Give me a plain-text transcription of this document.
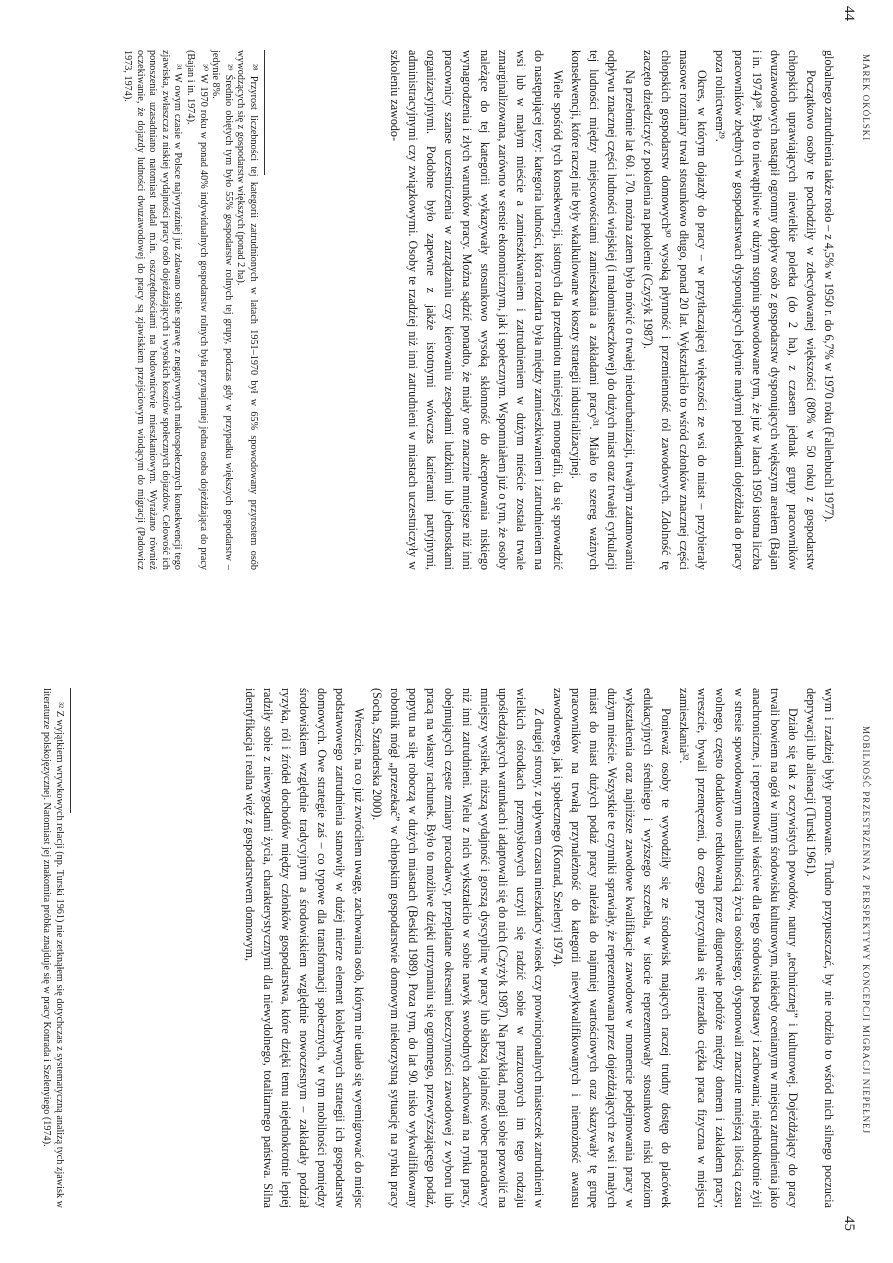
MAREK OKÓLSKI
44

globalnego zatrudnienia także rosło – z 4,5% w 1950 r. do 6,7% w 1970 roku (Fallenbuchl 1977).

Początkowo osoby te pochodziły w zdecydowanej większości (80% w 50 roku) z gospodarstw chłopskich uprawiających niewielkie poletka (do 2 ha), z czasem jednak grupy pracowników dwuzawodowych nastąpił ogromny dopływ osób z gospodarstw dysponujących większym areałem (Bajan i in. 1974)²⁸. Było to niewątpliwie w dużym stopniu spowodowane tym, że już w latach 1950 istotna liczba pracowników zbędnych w gospodarstwach dysponujących jedynie małymi poletkami dojeżdżała do pracy poza rolnictwem²⁹.

Okres, w którym dojazdy do pracy – w przytłaczającej większości ze wsi do miast – przybierały masowe rozmiary trwał stosunkowo długo, ponad 20 lat. Wykształciło to wśród członków znacznej części chłopskich gospodarstw domowych³⁰ wysoką płynność i przemienność ról zawodowych. Zdolność tę zaczęto dziedziczyć z pokolenia na pokolenie (Czyżyk 1987).

Na przełomie lat 60. i 70. można zatem było mówić o trwałej niedourbanizacji, trwałym zatamowaniu odpływu znacznej części ludności wiejskiej (i małomiasteczkowej) do dużych miast oraz trwałej cyrkulacji tej ludności między miejscowościami zamieszkania a zakładami pracy³¹. Miało to szereg ważnych konsekwencji, które raczej nie były wkalkulowane w koszty strategii industrializacyjnej.

Wiele spośród tych konsekwencji, istotnych dla przedmiotu niniejszej monografii, da się sprowadzić do następującej tezy: kategoria ludności, która rozdarta była między zamieszkiwaniem i zatrudnieniem na wsi lub w małym mieście a zamieszkiwaniem i zatrudnieniem w dużym mieście została trwale zmarginalizowana, zarówno w sensie ekonomicznym, jak i społecznym. Wspomniałem już o tym, że osoby należące do tej kategorii wykazywały stosunkowo wysoką skłonność do akceptowania niskiego wynagrodzenia i złych warunków pracy. Można sądzić ponadto, że miały one znacznie mniejsze niż inni pracownicy szanse uczestniczenia w zarządzaniu czy kierowaniu zespołami ludzkimi lub jednostkami organizacyjnymi. Podobne było zapewne z jakże istotnymi wówczas karierami partyjnymi, administracyjnymi czy związkowymi. Osoby te rzadziej niż inni zatrudnieni w miastach uczestniczyły w szkoleniu zawodo-

²⁸ Przyrost liczebności tej kategorii zatrudnionych w latach 1951–1970 był w 65% spowodowany przyrostem osób wywodzących się z gospodarstw większych (ponad 2 ha).

²⁹ Średnio obiętych tym było 55% gospodarstw rolnych tej grupy, podczas gdy w przypadku większych gospodarstw – jedynie 8%.

³⁰ W 1970 roku w ponad 40% indywidualnych gospodarstw rolnych była przynajmniej jedna osoba dojeżdżająca do pracy (Bajan i in. 1974).

³¹ W owym czasie w Polsce najwyraźniej już zdawano sobie sprawę z negatywnych makrospołecznych konsekwencji tego zjawiska, zwłaszcza z niskiej wydajności pracy osób dojeżdżających i wysokich kosztów społecznych dojazdów. Celowość ich ponoszenia uzasadniano natomiast nadal m.in. oszczędnościami na budownictwie mieszkaniowym. Wyrażano również oczekiwanie, że dojazdy ludności dwuzawodowej do pracy są zjawiskiem przejściowym wiodącym do migracji (Padowicz 1973, 1974).

MOBILNOŚĆ PRZESTRZENNA Z PERSPEKTYWY KONCEPCJI MIGRACJI NIEPEŁNEJ
45

wym i rzadziej były promowane. Trudno przypuszczać, by nie rodziło to wśród nich silnego poczucia deprywacji lub alienacji (Turski 1961).

Działo się tak z oczywistych powodów, natury „technicznej” i kulturowej. Dojeżdżający do pracy trwali bowiem na ogół w innym środowisku kulturowym, niekiedy ocenianym w miejscu zatrudnienia jako anachroniczne, i reprezentowali właściwe dla tego środowiska postawy i zachowania; niejednokrotnie żyli w stresie spowodowanym niestabilnością życia osobistego; dysponowali znacznie mniejszą ilością czasu wolnego, często dodatkowo redukowaną przez długotrwałe podróże między domem i zakładem pracy; wreszcie, bywali przemęczeni, do czego przyczyniała się nierzadko ciężka praca fizyczna w miejscu zamieszkania³².

Ponieważ osoby te wywodziły się ze środowisk mających raczej trudny dostęp do placówek edukacyjnych średniego i wyższego szczebla, w istocie reprezentowały stosunkowo niski poziom wykształcenia oraz najniższe zawodowe kwalifikacje zawodowe w momencie podejmowania pracy w dużym mieście. Wszystkie te czynniki sprawiały, że reprezentowana przez dojeżdżających ze wsi i małych miast do miast dużych podaż pracy należała do najmniej wartościowych oraz skazywały tę grupę pracowników na trwałą przynależność do kategorii niewykwalifikowanych i niemożność awansu zawodowego, jak i społecznego (Konrad, Szelenyi 1974).

Z drugiej strony, z upływem czasu mieszkańcy wiosek czy prowincjonalnych miasteczek zatrudnieni w wielkich ośrodkach przemysłowych uczyli się radzić sobie w narzuconych im tego rodzaju upośledzających warunkach i adaptowali się do nich (Czyżyk 1987). Na przykład, mogli sobie pozwolić na mniejszy wysiłek, niższą wydajność i gorszą dyscyplinę w pracy lub słabszą lojalność wobec pracodawcy niż inni zatrudnieni. Wielu z nich wykształciło w sobie nawyk swobodnych zachowań na rynku pracy, obejmujących częste zmiany pracodawcy, przeplatane okresami bezczynności zawodowej z wyboru lub pracą na własny rachunek. Było to możliwe dzięki utrzymaniu się ogromnego, przewyższającego podaż, popytu na siłę roboczą w dużych miastach (Beskid 1989). Poza tym, do lat 90. nisko wykwalifikowany robotnik mógł „przezekać” w chłopskim gospodarstwie domowym niekorzystną sytuację na rynku pracy (Socha, Sztanderska 2000).

Wreszcie, na co już zwróciłem uwagę, zachowania osób, którym nie udało się wyemigrować do miejsc podstawowego zatrudnienia stanowiły w dużej mierze element kolektywnych strategii ich gospodarstw domowych. Owe strategie zaś – co typowe dla transformacji społecznych, w tym mobilności pomiędzy środowiskiem względnie tradycyjnym a środowiskiem względnie nowoczesnym – zakładały podział ryzyka, ról i źródeł dochodów między członków gospodarstwa, które dzięki temu niejednokrotnie lepiej radziły sobie z niewygodami życia, charakterystycznymi dla niewydolnego, totalitarnego państwa. Silna identyfikacja i realna więź z gospodarstwem domowym,

³² Z wyjątkiem wrywkowych relacji (np. Turski 1961) nie zetknąłem się dotychczas z systematyczną analizą tych zjawisk w literaturze polskojęzycznej. Natomiast jej znakomita próbka znajduje się w pracy Konrada i Szelenyiego (1974).
